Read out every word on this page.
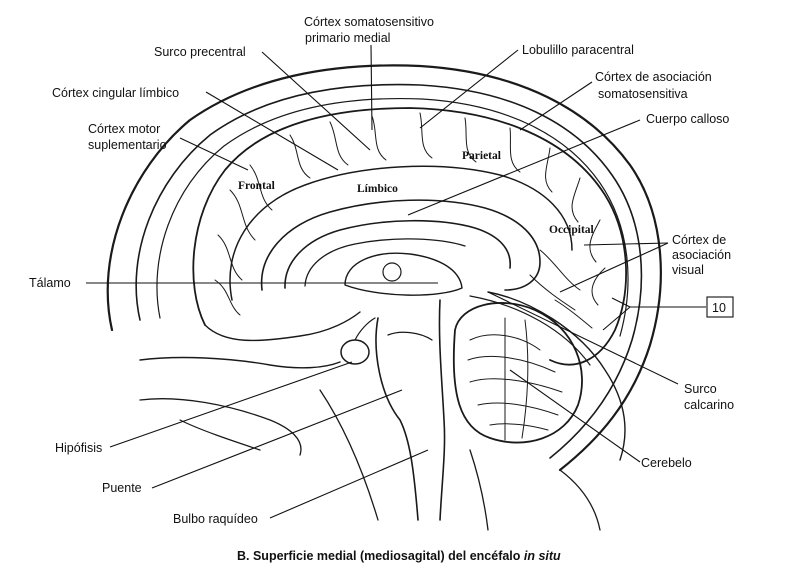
Frontal
Parietal
Límbico
Occipital
Córtex somatosensitivo
primario medial
Surco precentral	Lobulillo paracentral
Córtex de asociación
somatosensitiva
Córtex cingular límbico
Cuerpo calloso
Córtex motor
suplementario
Córtex de
asociación
visual
Tálamo
10
Surco
calcarino
Hipófisis
Cerebelo
Puente
Bulbo raquídeo
B. Superficie medial (mediosagital) del encéfalo in situ
